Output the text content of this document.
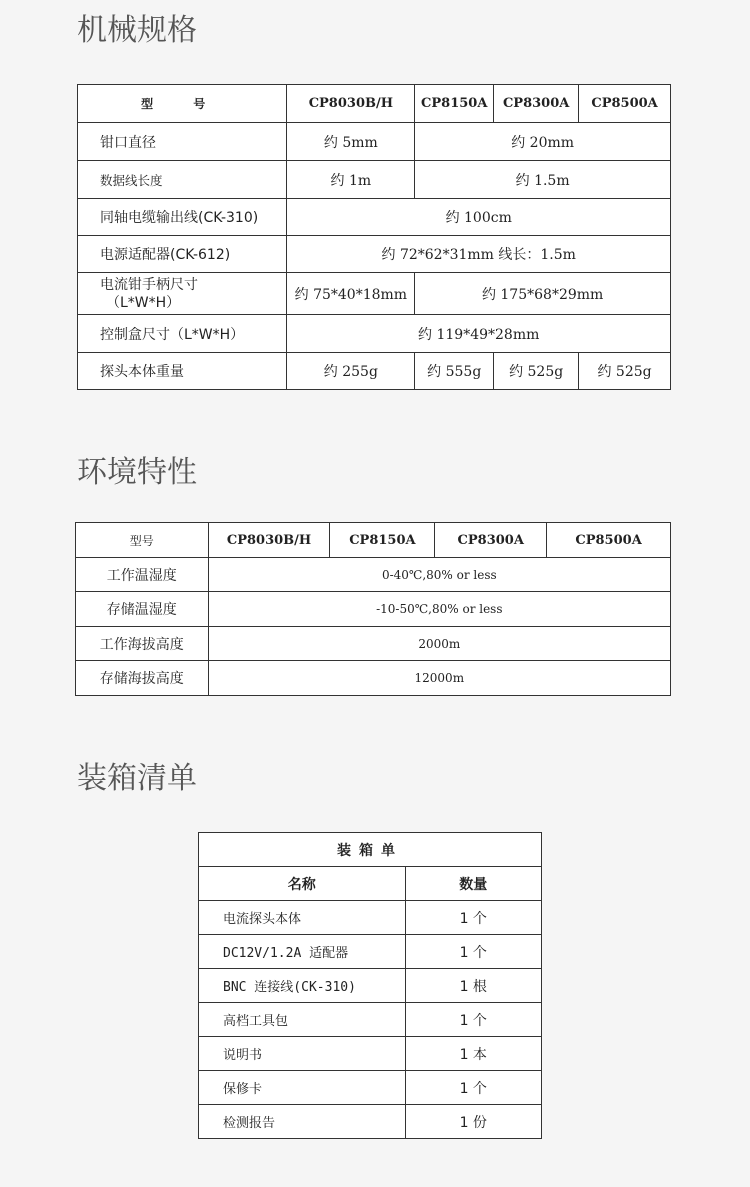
机械规格
型 号	CP8030B/H	CP8150A	CP8300A	CP8500A
钳口直径	约 5mm	约 20mm		
数据线长度	约 1m	约 1.5m		
同轴电缆输出线(CK-310)	约 100cm			
电源适配器(CK-612)	约 72*62*31mm 线长：1.5m			

电流钳手柄尺寸
（L*W*H）	约 75*40*18mm	约 175*68*29mm		
控制盒尺寸（L*W*H）	约 119*49*28mm			
探头本体重量	约 255g	约 555g	约 525g	约 525g
环境特性
型号	CP8030B/H	CP8150A	CP8300A	CP8500A
工作温湿度	0-40℃,80% or less			
存储温湿度	-10-50℃,80% or less			
工作海拔高度	2000m			
存储海拔高度	12000m			
装箱清单
装箱单	
名称	数量
电流探头本体	1 个
DC12V/1.2A 适配器	1 个
BNC 连接线(CK-310)	1 根
高档工具包	1 个
说明书	1 本
保修卡	1 个
检测报告	1 份
